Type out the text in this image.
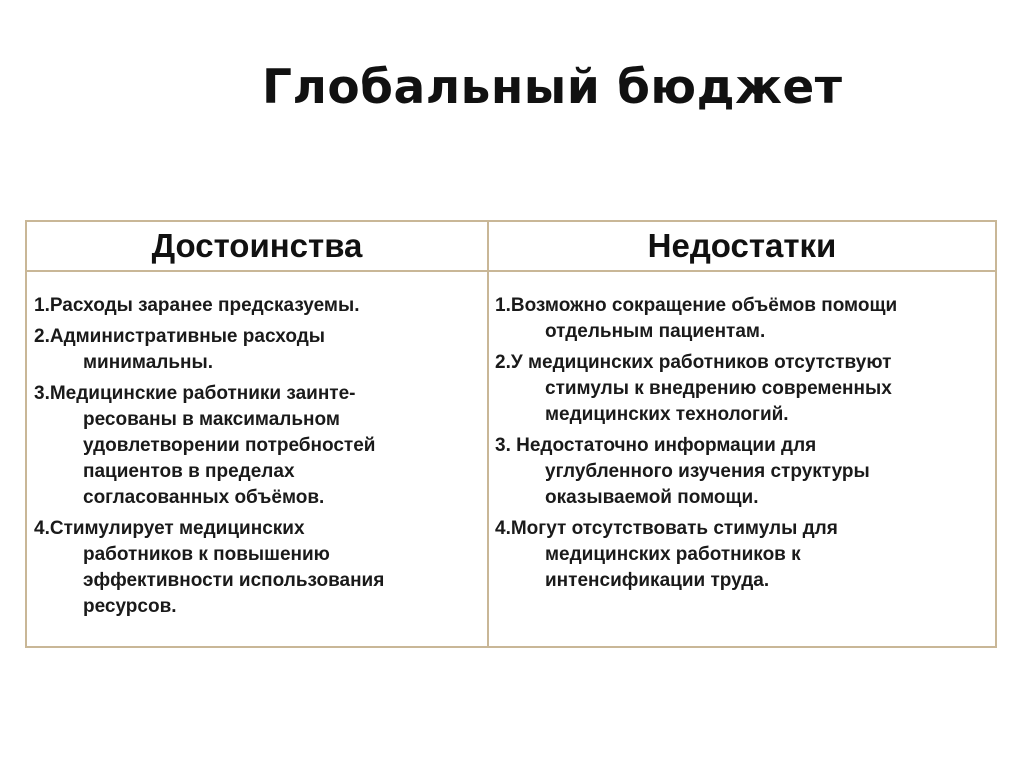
Глобальный бюджет
Достоинства	Недостатки
1.Расходы заранее предсказуемы.
2.Административные расходы
минимальны.
3.Медицинские работники заинте-
ресованы в максимальном
удовлетворении потребностей
пациентов в пределах
согласованных объёмов.
4.Стимулирует медицинских
работников к повышению
эффективности использования
ресурсов.
1.Возможно сокращение объёмов помощи
отдельным пациентам.
2.У медицинских работников отсутствуют
стимулы к внедрению современных
медицинских технологий.
3. Недостаточно информации для
углубленного изучения структуры
оказываемой помощи.
4.Могут отсутствовать стимулы для
медицинских работников к
интенсификации труда.
